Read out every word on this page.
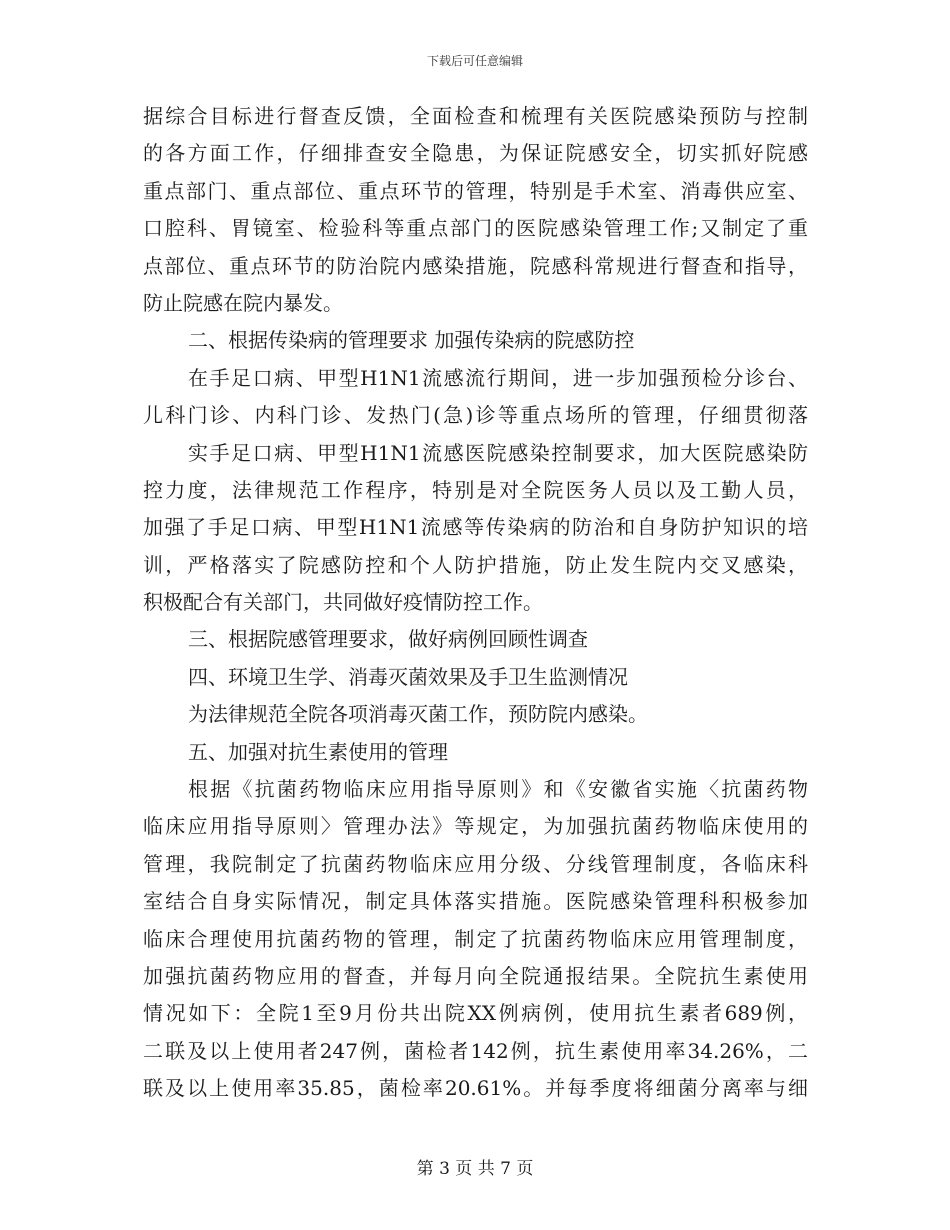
下载后可任意编辑
据综合目标进行督查反馈，全面检查和梳理有关医院感染预防与控制
的各方面工作，仔细排查安全隐患，为保证院感安全，切实抓好院感
重点部门、重点部位、重点环节的管理，特别是手术室、消毒供应室、
口腔科、胃镜室、检验科等重点部门的医院感染管理工作;又制定了重
点部位、重点环节的防治院内感染措施，院感科常规进行督查和指导，
防止院感在院内暴发。
二、根据传染病的管理要求 加强传染病的院感防控
在手足口病、甲型H1N1流感流行期间，进一步加强预检分诊台、
儿科门诊、内科门诊、发热门(急)诊等重点场所的管理，仔细贯彻落
实手足口病、甲型H1N1流感医院感染控制要求，加大医院感染防
控力度，法律规范工作程序，特别是对全院医务人员以及工勤人员，
加强了手足口病、甲型H1N1流感等传染病的防治和自身防护知识的培
训，严格落实了院感防控和个人防护措施，防止发生院内交叉感染，
积极配合有关部门，共同做好疫情防控工作。
三、根据院感管理要求，做好病例回顾性调查
四、环境卫生学、消毒灭菌效果及手卫生监测情况
为法律规范全院各项消毒灭菌工作，预防院内感染。
五、加强对抗生素使用的管理
根据《抗菌药物临床应用指导原则》和《安徽省实施〈抗菌药物
临床应用指导原则〉管理办法》等规定，为加强抗菌药物临床使用的
管理，我院制定了抗菌药物临床应用分级、分线管理制度，各临床科
室结合自身实际情况，制定具体落实措施。医院感染管理科积极参加
临床合理使用抗菌药物的管理，制定了抗菌药物临床应用管理制度，
加强抗菌药物应用的督查，并每月向全院通报结果。全院抗生素使用
情况如下：全院1至9月份共出院XX例病例，使用抗生素者689例，
二联及以上使用者247例，菌检者142例，抗生素使用率34.26%，二
联及以上使用率35.85，菌检率20.61%。并每季度将细菌分离率与细
第 3 页 共 7 页
